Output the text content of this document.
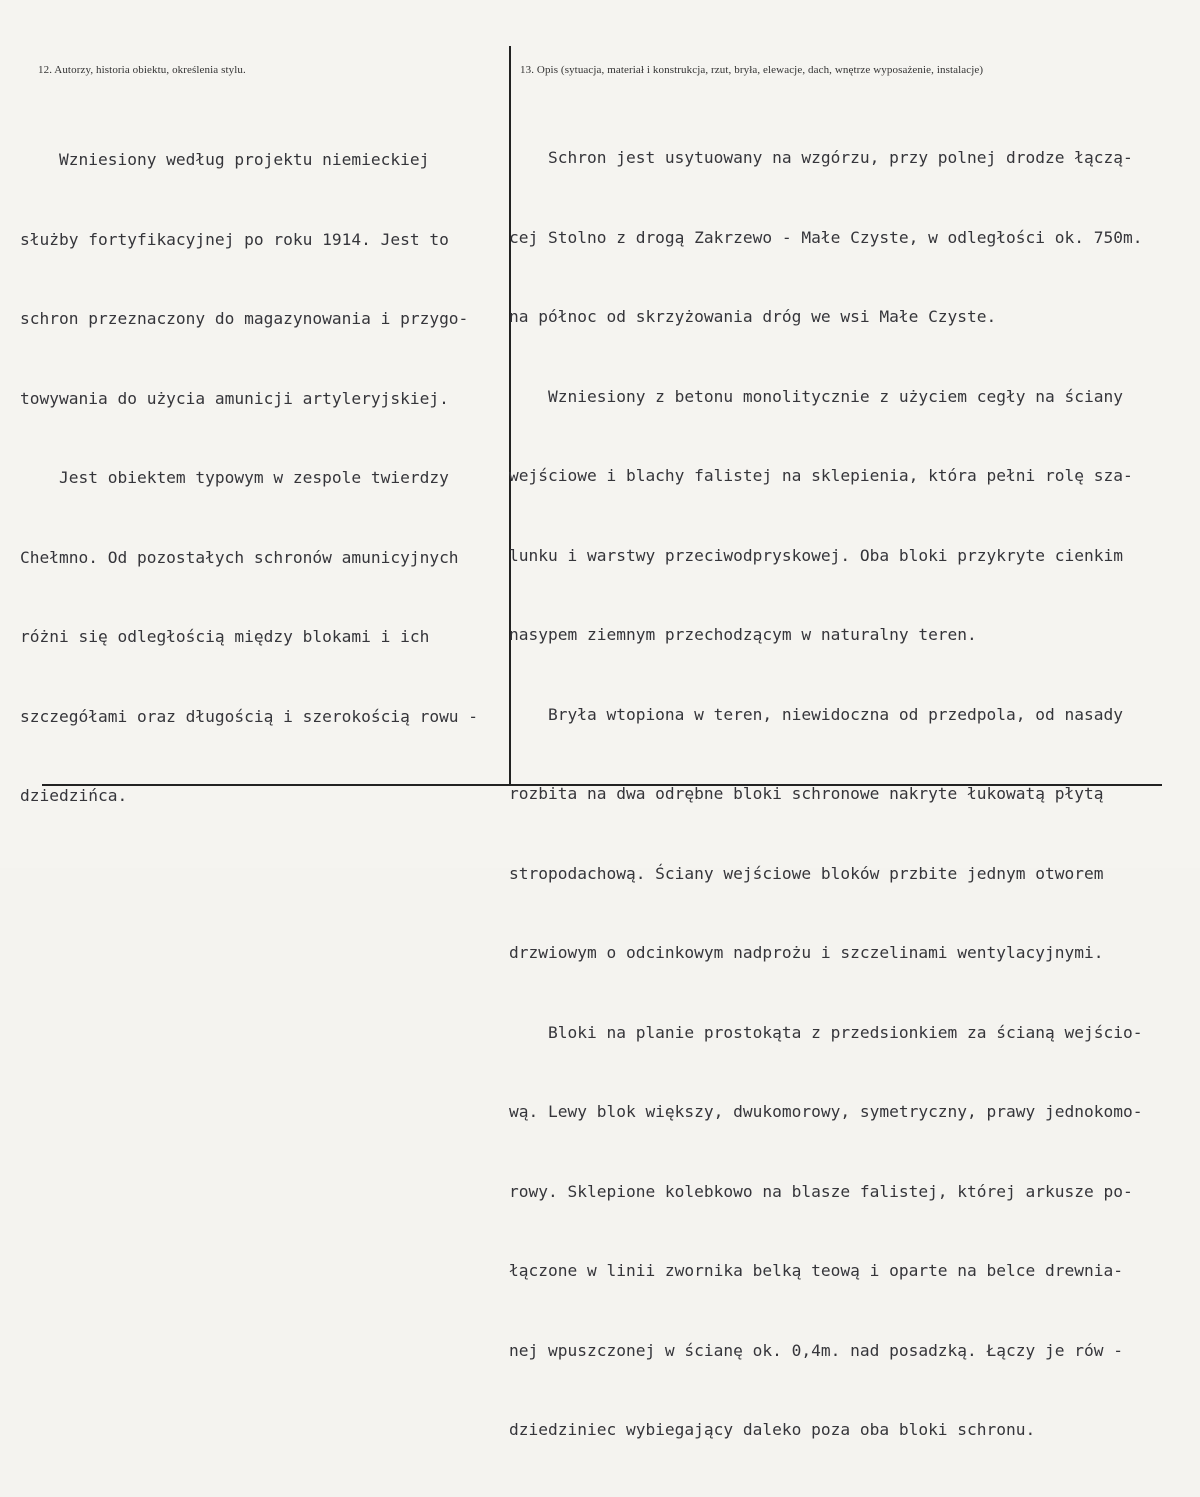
12. Autorzy, historia obiektu, określenia stylu.	13. Opis (sytuacja, materiał i konstrukcja, rzut, bryła, elewacje, dach, wnętrze wyposażenie, instalacje)

Wzniesiony według projektu niemieckiej

służby fortyfikacyjnej po roku 1914. Jest to

schron przeznaczony do magazynowania i przygo-

towywania do użycia amunicji artyleryjskiej.

Jest obiektem typowym w zespole twierdzy

Chełmno. Od pozostałych schronów amunicyjnych

różni się odległością między blokami i ich

szczegółami oraz długością i szerokością rowu -

dziedzińca.

Schron jest usytuowany na wzgórzu, przy polnej drodze łączą-

cej Stolno z drogą Zakrzewo - Małe Czyste, w odległości ok. 750m.

na północ od skrzyżowania dróg we wsi Małe Czyste.

Wzniesiony z betonu monolitycznie z użyciem cegły na ściany

wejściowe i blachy falistej na sklepienia, która pełni rolę sza-

lunku i warstwy przeciwodpryskowej. Oba bloki przykryte cienkim

nasypem ziemnym przechodzącym w naturalny teren.

Bryła wtopiona w teren, niewidoczna od przedpola, od nasady

rozbita na dwa odrębne bloki schronowe nakryte łukowatą płytą

stropodachową. Ściany wejściowe bloków przbite jednym otworem

drzwiowym o odcinkowym nadprożu i szczelinami wentylacyjnymi.

Bloki na planie prostokąta z przedsionkiem za ścianą wejścio-

wą. Lewy blok większy, dwukomorowy, symetryczny, prawy jednokomo-

rowy. Sklepione kolebkowo na blasze falistej, której arkusze po-

łączone w linii zwornika belką teową i oparte na belce drewnia-

nej wpuszczonej w ścianę ok. 0,4m. nad posadzką. Łączy je rów -

dziedziniec wybiegający daleko poza oba bloki schronu.
